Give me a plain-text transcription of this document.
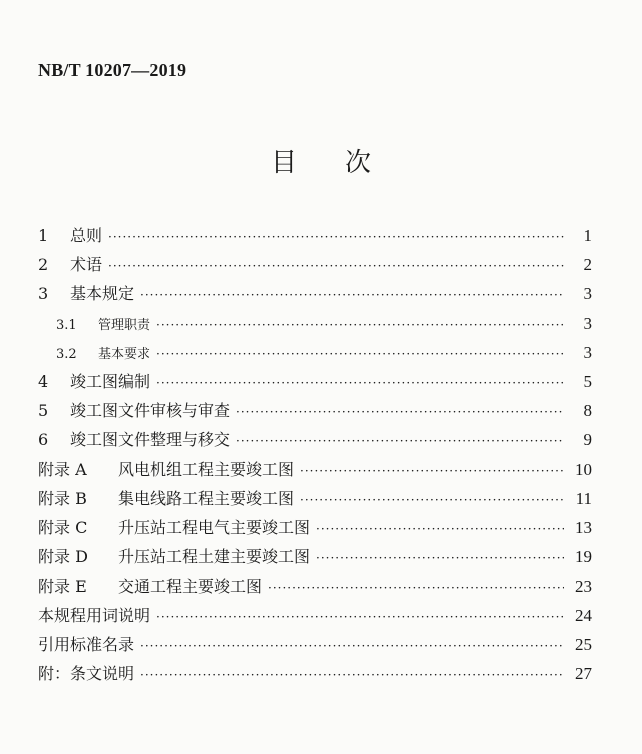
NB/T 10207—2019
目次
1	总则 ·····	1
2	术语 ·····	2
3	基本规定 ·····	3
3.1	管理职责 ·····	3
3.2	基本要求 ·····	3
4	竣工图编制 ·····	5
5	竣工图文件审核与审查 ·····	8
6	竣工图文件整理与移交 ·····	9
附录 A	风电机组工程主要竣工图 ·····	10
附录 B	集电线路工程主要竣工图 ·····	11
附录 C	升压站工程电气主要竣工图 ·····	13
附录 D	升压站工程土建主要竣工图 ·····	19
附录 E	交通工程主要竣工图 ·····	23
本规程用词说明 ·····	24
引用标准名录 ·····	25
附：条文说明 ·····	27
